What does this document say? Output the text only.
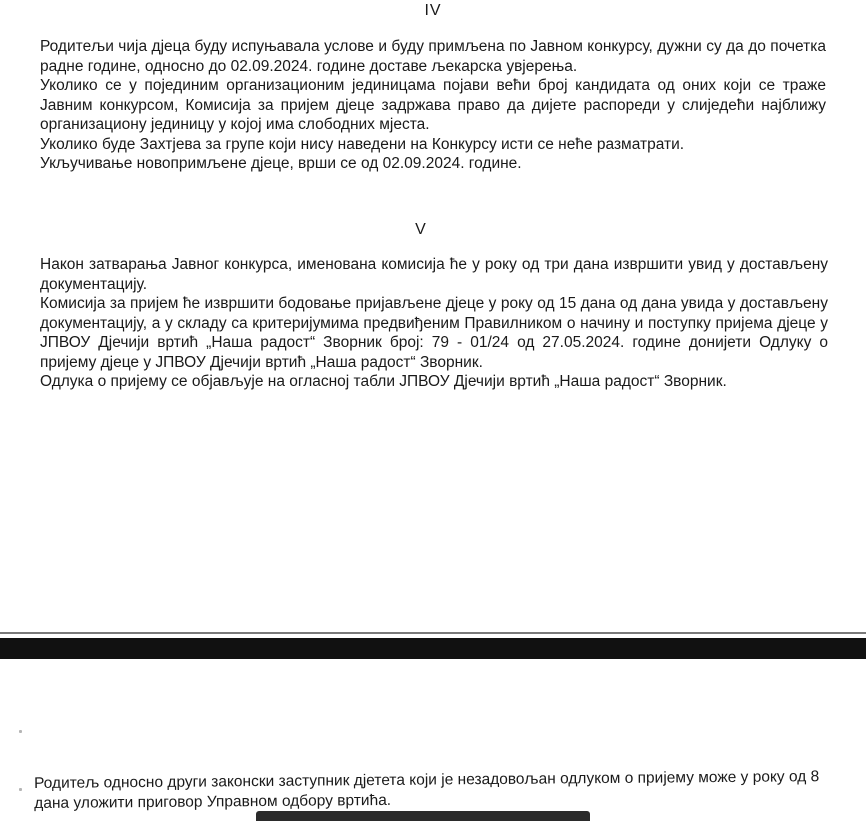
IV

Родитељи чија дјеца буду испуњавала услове и буду примљена по Јавном конкурсу, дужни су да до почетка радне године, односно до 02.09.2024. године доставе љекарска увјерења.

Уколико се у појединим организационим јединицама појави већи број кандидата од оних који се траже Јавним конкурсом, Комисија за пријем дјеце задржава право да дијете распореди у слиједећи најближу организациону јединицу у којој има слободних мјеста.

Уколико буде Захтјева за групе који нису наведени на Конкурсу исти се неће разматрати.

Укључивање новопримљене дјеце, врши се од 02.09.2024. године.

V

Након затварања Јавног конкурса, именована комисија ће у року од три дана извршити увид у достављену документацију.

Комисија за пријем ће извршити бодовање пријављене дјеце у року од 15 дана од дана увида у достављену документацију, а у складу са критеријумима предвиђеним Правилником о начину и поступку пријема дјеце у ЈПВОУ Дјечији вртић „Наша радост“ Зворник број: 79 - 01/24 од 27.05.2024. године донијети Одлуку о пријему дјеце у ЈПВОУ Дјечији вртић „Наша радост“ Зворник.

Одлука о пријему се објављује на огласној табли ЈПВОУ Дјечији вртић „Наша радост“ Зворник.

Родитељ односно други законски заступник дјетета који је незадовољан одлуком о пријему може у року од 8 дана уложити приговор Управном одбору вртића.
